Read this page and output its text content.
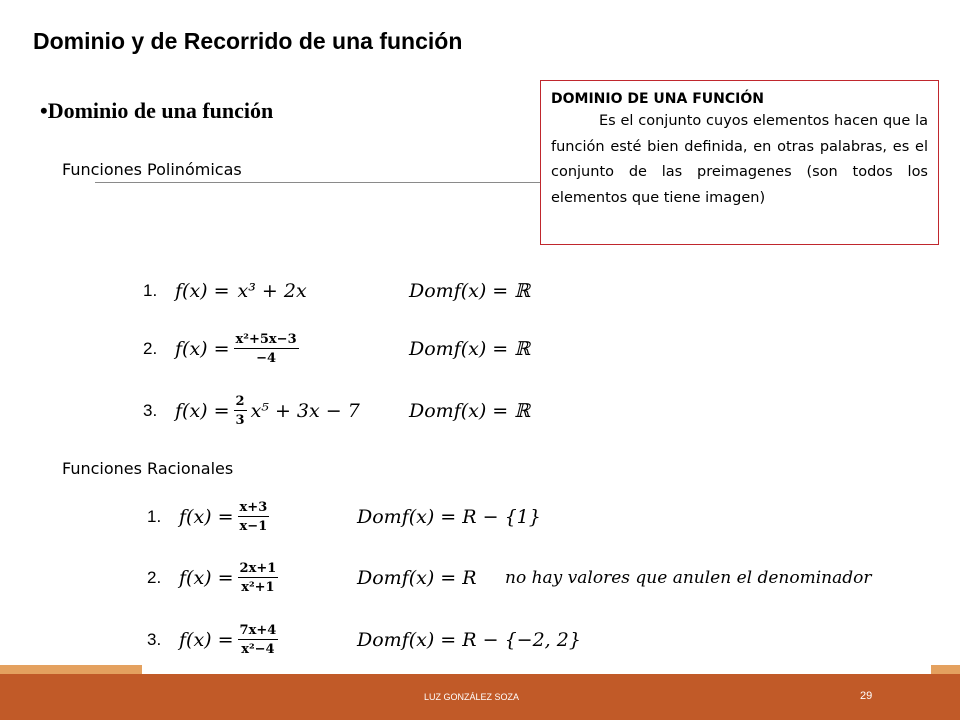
Dominio y de Recorrido de una función
•Dominio de una función
Funciones Polinómicas
DOMINIO DE UNA FUNCIÓN
Es el conjunto cuyos elementos hacen que la función esté bien definida, en otras palabras, es el conjunto de las preimagenes (son todos los elementos que tiene imagen)
1. f(x) = x³ + 2x	Domf(x) = ℝ
2. $f(x) = \frac{\text{x²+5x−3}}{-4}$	Domf(x) = ℝ
3. $f(x) = \frac{2}{3} x^5 + 3x - 7$	Domf(x) = ℝ
Funciones Racionales
1. $f(x) = \frac{x+3}{x-1}$	Domf(x) = R − {1}
2. $f(x) = \frac{2x+1}{\text{x²+1}}$	Domf(x) = R no hay valores que anulen el denominador
3. $f(x) = \frac{7x+4}{\text{x²−4}}$	Domf(x) = R − {−2, 2}
LUZ GONZÁLEZ SOZA	29
